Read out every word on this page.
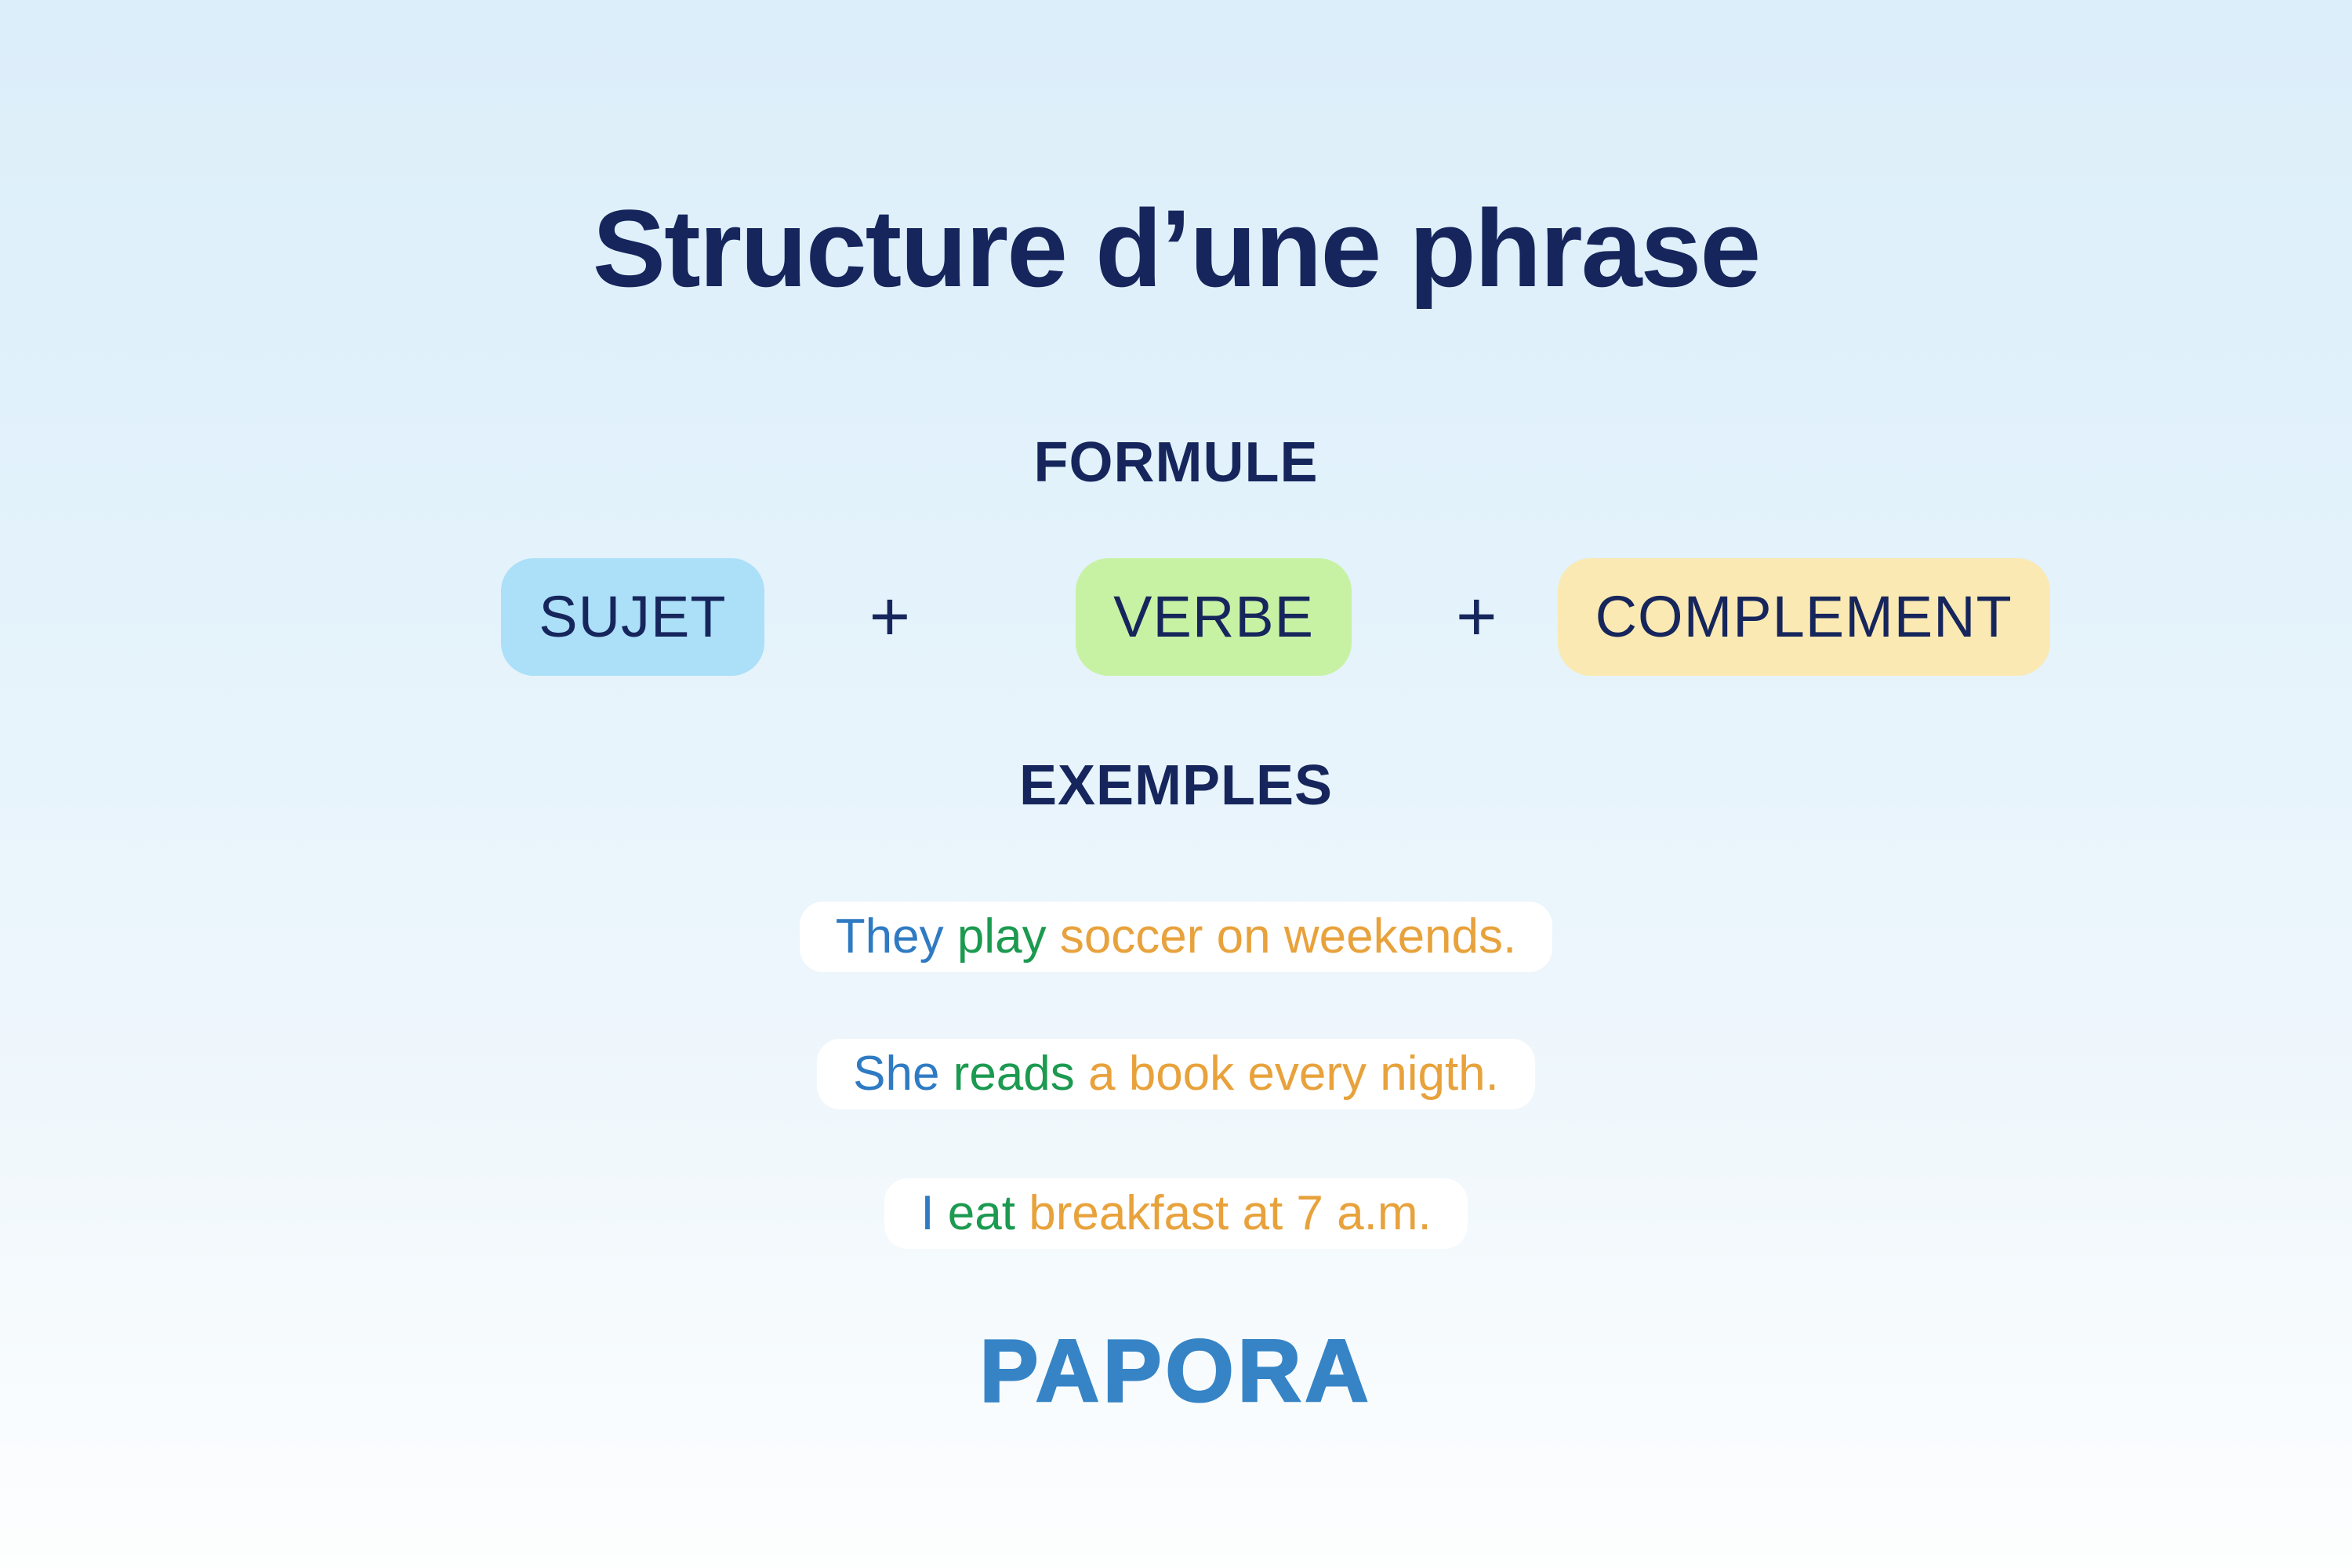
Structure d’une phrase
FORMULE
SUJET	+	VERBE	+	COMPLEMENT
EXEMPLES
They play soccer on weekends.
She reads a book every nigth.
I eat breakfast at 7 a.m.
PAPORA
